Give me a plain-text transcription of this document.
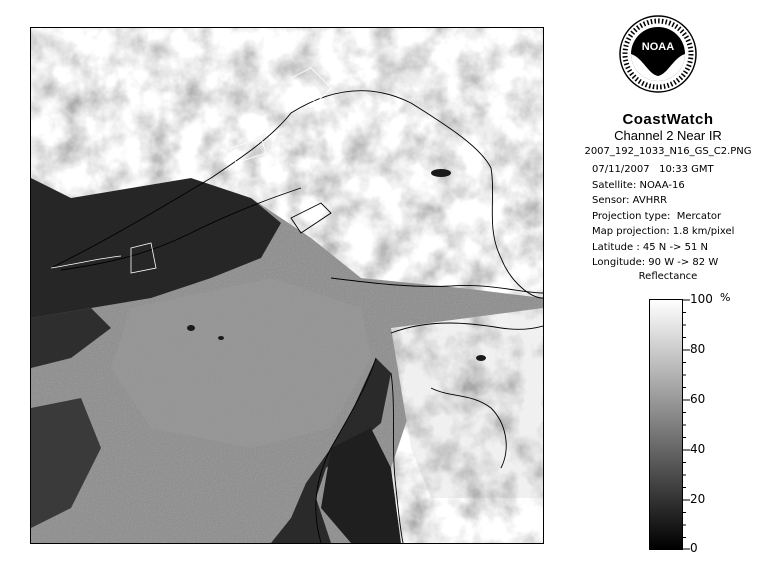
NOAA
CoastWatch
Channel 2 Near IR
2007_192_1033_N16_GS_C2.PNG
07/11/2007   10:33 GMT
Satellite: NOAA-16
Sensor: AVHRR
Projection type:  Mercator
Map projection: 1.8 km/pixel
Latitude : 45 N -> 51 N
Longitude: 90 W -> 82 W
Reflectance
100
80
60
40
20
0
%
